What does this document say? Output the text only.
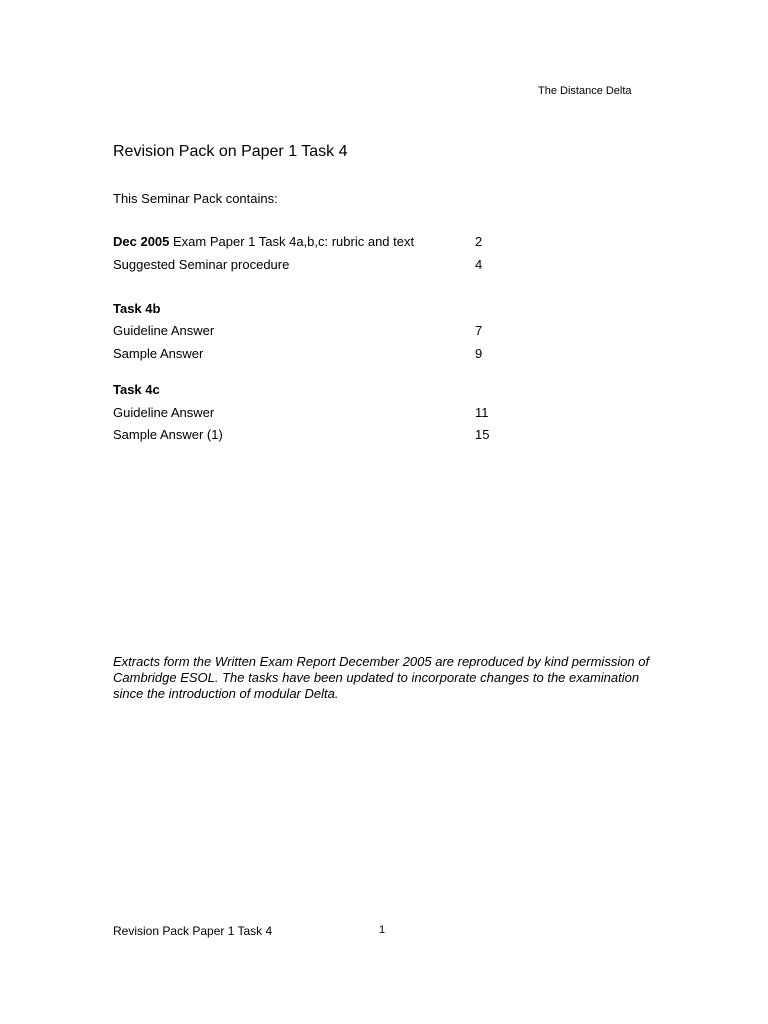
The Distance Delta
Revision Pack on Paper 1 Task 4
This Seminar Pack contains:
Dec 2005 Exam Paper 1 Task 4a,b,c: rubric and text	2
Suggested Seminar procedure	4
Task 4b
Guideline Answer	7
Sample Answer	9
Task 4c
Guideline Answer	11
Sample Answer (1)	15
Extracts form the Written Exam Report December 2005 are reproduced by kind permission of Cambridge ESOL. The tasks have been updated to incorporate changes to the examination since the introduction of modular Delta.
Revision Pack Paper 1 Task 4	1
